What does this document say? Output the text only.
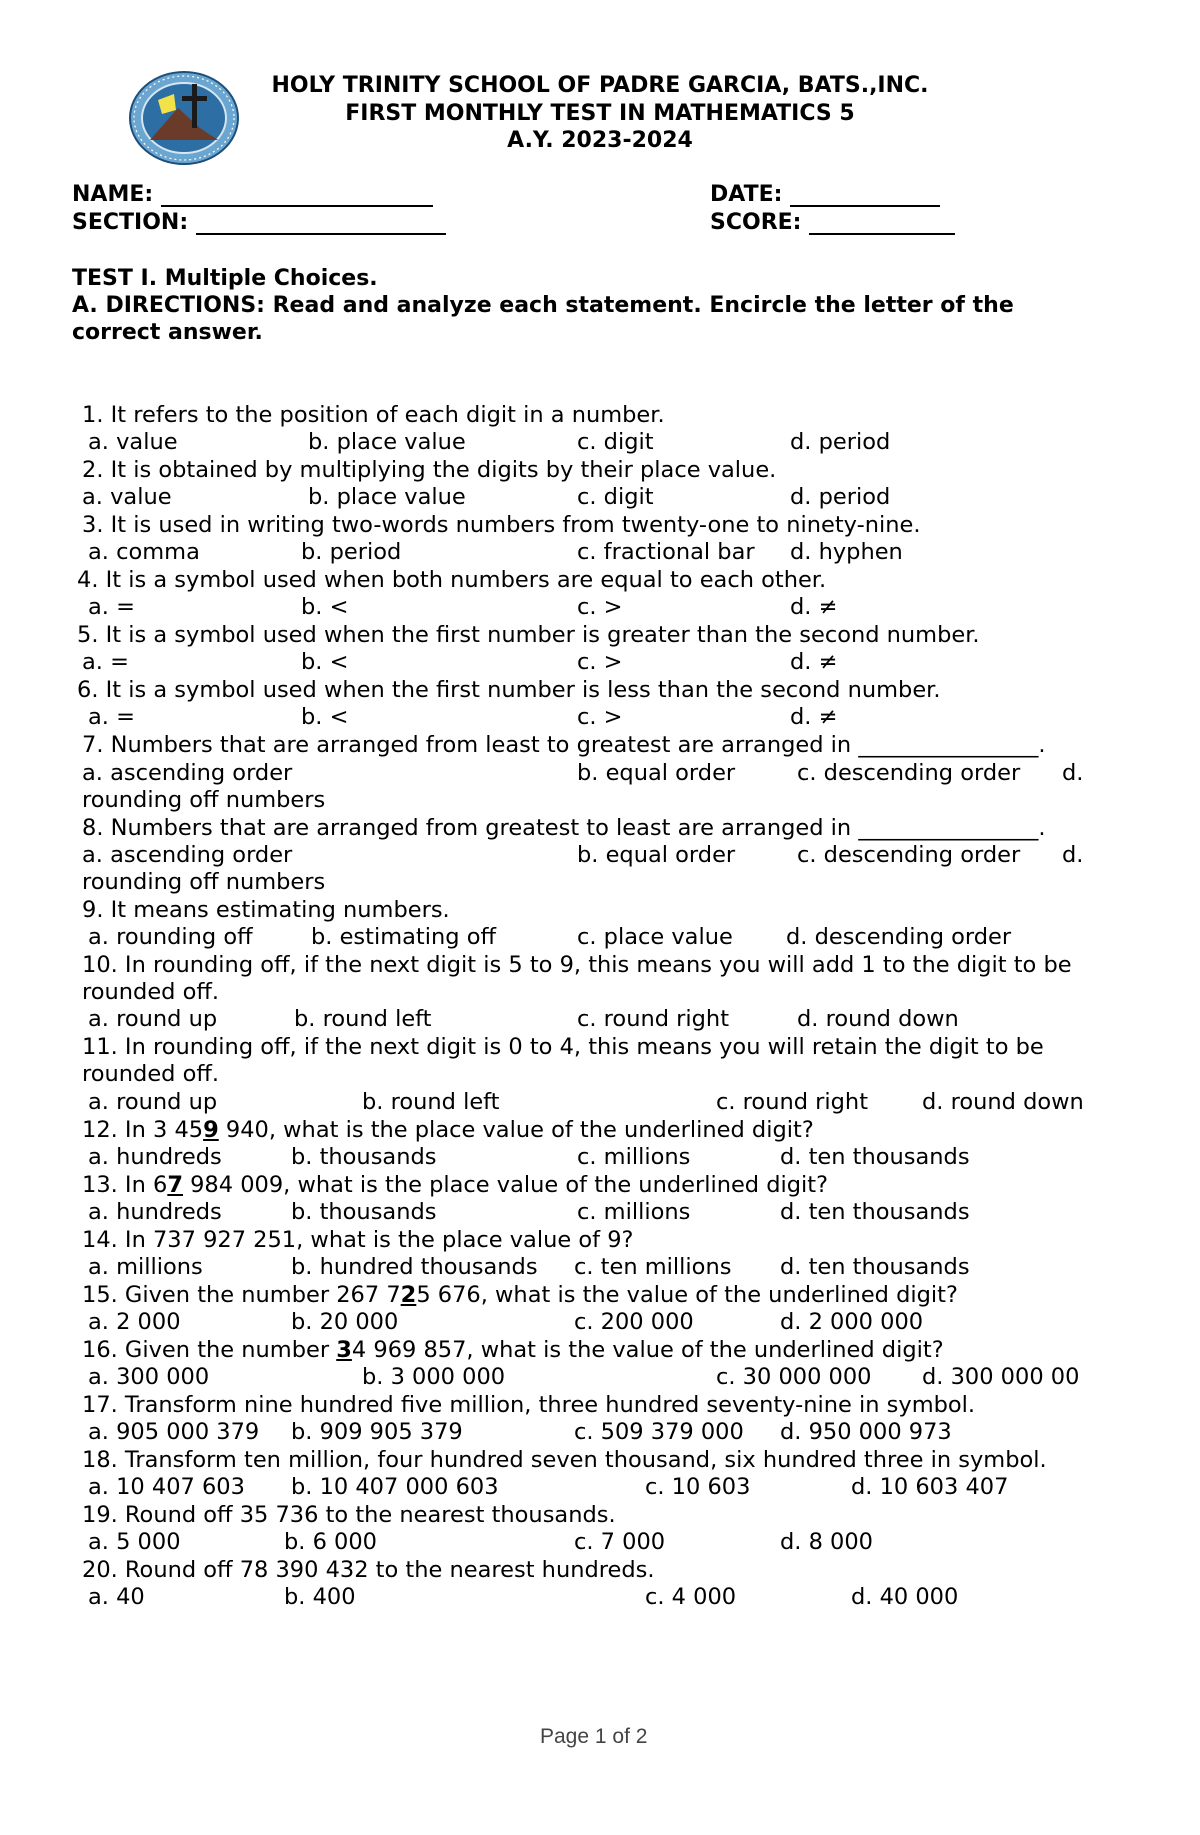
HOLY TRINITY SCHOOL OF PADRE GARCIA, BATS.,INC.
FIRST MONTHLY TEST IN MATHEMATICS 5
A.Y. 2023-2024
NAME:
SECTION:
DATE:
SCORE:
TEST I. Multiple Choices.
A. DIRECTIONS: Read and analyze each statement. Encircle the letter of the
correct answer.
1. It refers to the position of each digit in a number.
a. value	b. place value	c. digit	d. period
2. It is obtained by multiplying the digits by their place value.
a. value	b. place value	c. digit	d. period
3. It is used in writing two-words numbers from twenty-one to ninety-nine.
a. comma	b. period	c. fractional bar d. hyphen
4. It is a symbol used when both numbers are equal to each other.
a. =	b. <	c. >	d. ≠
5. It is a symbol used when the first number is greater than the second number.
a. =	b. <	c. >	d. ≠
6. It is a symbol used when the first number is less than the second number.
a. =	b. <	c. >	d. ≠
7. Numbers that are arranged from least to greatest are arranged in ________________.
a. ascending order	b. equal order	c. descending order d.
rounding off numbers
8. Numbers that are arranged from greatest to least are arranged in ________________.
a. ascending order	b. equal order	c. descending order d.
rounding off numbers
9. It means estimating numbers.
a. rounding off	b. estimating off	c. place value d. descending order
10. In rounding off, if the next digit is 5 to 9, this means you will add 1 to the digit to be
rounded off.
a. round up	b. round left	c. round right	d. round down
11. In rounding off, if the next digit is 0 to 4, this means you will retain the digit to be
rounded off.
a. round up	b. round left	c. round right d. round down
12. In 3 459 940, what is the place value of the underlined digit?
a. hundreds	b. thousands	c. millions	d. ten thousands
13. In 67 984 009, what is the place value of the underlined digit?
a. hundreds	b. thousands	c. millions	d. ten thousands
14. In 737 927 251, what is the place value of 9?
a. millions	b. hundred thousands c. ten millions d. ten thousands
15. Given the number 267 725 676, what is the value of the underlined digit?
a. 2 000	b. 20 000	c. 200 000	d. 2 000 000
16. Given the number 34 969 857, what is the value of the underlined digit?
a. 300 000	b. 3 000 000	c. 30 000 000 d. 300 000 00
17. Transform nine hundred five million, three hundred seventy-nine in symbol.
a. 905 000 379 b. 909 905 379	c. 509 379 000 d. 950 000 973
18. Transform ten million, four hundred seven thousand, six hundred three in symbol.
a. 10 407 603 b. 10 407 000 603	c. 10 603	d. 10 603 407
19. Round off 35 736 to the nearest thousands.
a. 5 000	b. 6 000	c. 7 000	d. 8 000
20. Round off 78 390 432 to the nearest hundreds.
a. 40	b. 400	c. 4 000	d. 40 000
Page 1 of 2
